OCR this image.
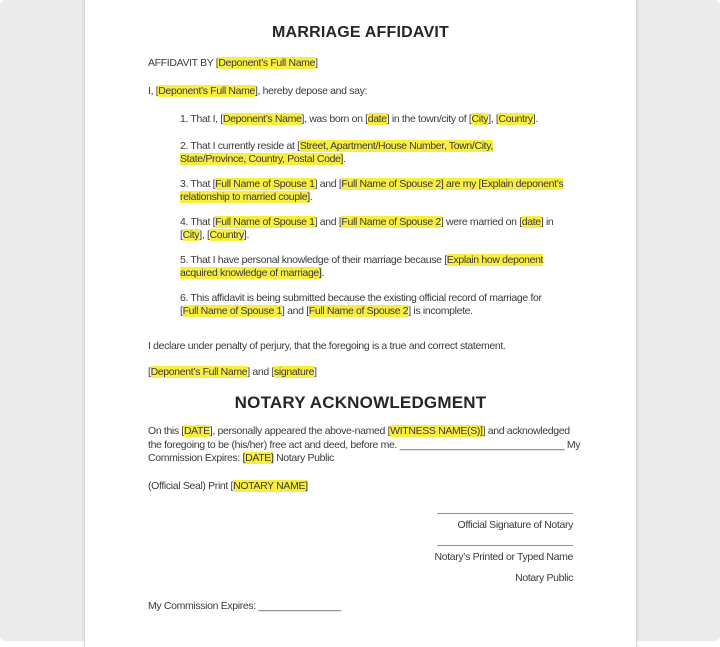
MARRIAGE AFFIDAVIT

AFFIDAVIT BY [Deponent’s Full Name]

I, [Deponent’s Full Name], hereby depose and say:

1. That I, [Deponent’s Name], was born on [date] in the town/city of [City], [Country].

2. That I currently reside at [Street, Apartment/House Number, Town/City,
State/Province, Country, Postal Code].

3. That [Full Name of Spouse 1] and [Full Name of Spouse 2] are my [Explain deponent’s
relationship to married couple].

4. That [Full Name of Spouse 1] and [Full Name of Spouse 2] were married on [date] in
[City], [Country].

5. That I have personal knowledge of their marriage because [Explain how deponent
acquired knowledge of marriage].

6. This affidavit is being submitted because the existing official record of marriage for
[Full Name of Spouse 1] and [Full Name of Spouse 2] is incomplete.

I declare under penalty of perjury, that the foregoing is a true and correct statement.

[Deponent’s Full Name] and [signature]

NOTARY ACKNOWLEDGMENT

On this [DATE], personally appeared the above-named [WITNESS NAME(S)]] and acknowledged
the foregoing to be (his/her) free act and deed, before me. ______________________________ My
Commission Expires: [DATE] Notary Public

(Official Seal) Print [NOTARY NAME]

Official Signature of Notary
Notary’s Printed or Typed Name
Notary Public
My Commission Expires: _______________
